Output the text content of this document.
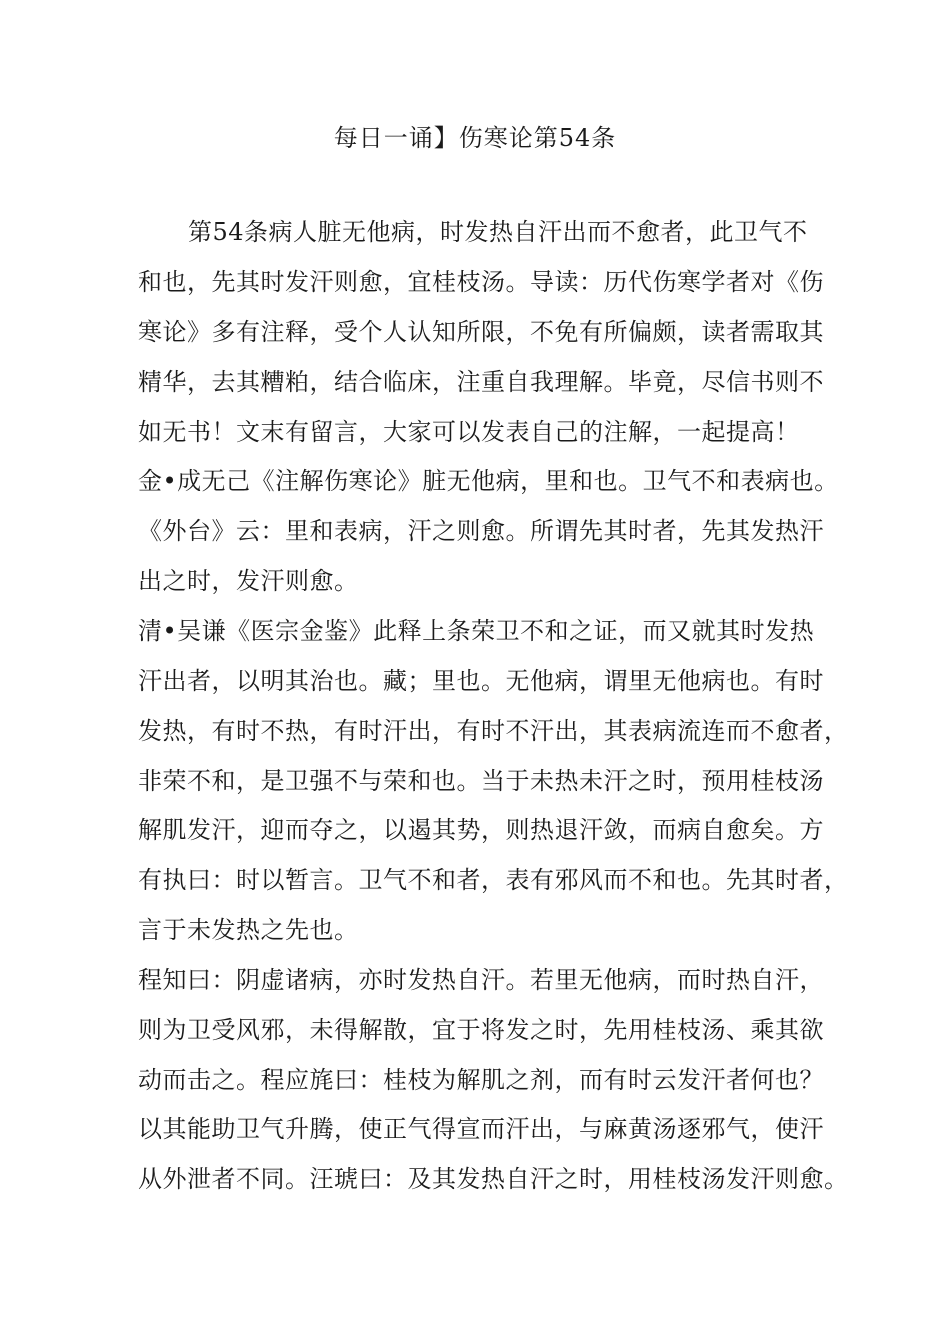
每日一诵】伤寒论第54条
第54条病人脏无他病，时发热自汗出而不愈者，此卫气不
和也，先其时发汗则愈，宜桂枝汤。导读：历代伤寒学者对《伤
寒论》多有注释，受个人认知所限，不免有所偏颇，读者需取其
精华，去其糟粕，结合临床，注重自我理解。毕竟，尽信书则不
如无书！文末有留言，大家可以发表自己的注解，一起提高！
金•成无己《注解伤寒论》脏无他病，里和也。卫气不和表病也。
《外台》云：里和表病，汗之则愈。所谓先其时者，先其发热汗
出之时，发汗则愈。
清•吴谦《医宗金鉴》此释上条荣卫不和之证，而又就其时发热
汗出者，以明其治也。藏；里也。无他病，谓里无他病也。有时
发热，有时不热，有时汗出，有时不汗出，其表病流连而不愈者，
非荣不和，是卫强不与荣和也。当于未热未汗之时，预用桂枝汤
解肌发汗，迎而夺之，以遏其势，则热退汗敛，而病自愈矣。方
有执曰：时以暂言。卫气不和者，表有邪风而不和也。先其时者，
言于未发热之先也。
程知曰：阴虚诸病，亦时发热自汗。若里无他病，而时热自汗，
则为卫受风邪，未得解散，宜于将发之时，先用桂枝汤、乘其欲
动而击之。程应旄曰：桂枝为解肌之剂，而有时云发汗者何也？
以其能助卫气升腾，使正气得宣而汗出，与麻黄汤逐邪气，使汗
从外泄者不同。汪琥曰：及其发热自汗之时，用桂枝汤发汗则愈。
